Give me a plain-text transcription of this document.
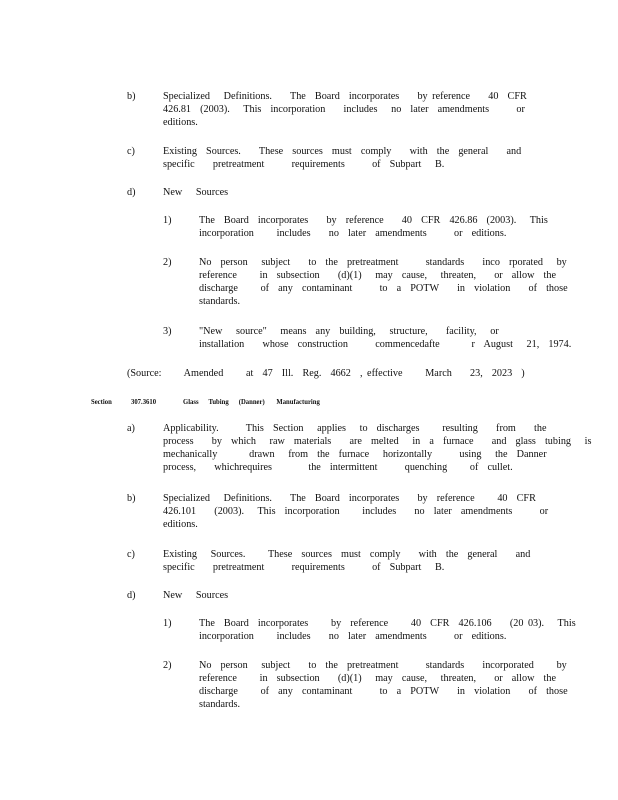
b)	Specialized   Definitions.    The  Board  incorporates    by reference    40  CFR
426.81  (2003).   This  incorporation    includes   no  later  amendments      or
editions.
c)	Existing  Sources.    These  sources  must  comply    with  the  general    and
specific    pretreatment      requirements      of  Subpart   B.
d)	New   Sources
1)	The  Board  incorporates    by  reference    40  CFR  426.86  (2003).   This
incorporation     includes    no  later  amendments      or  editions.
2)	No  person   subject    to  the  pretreatment      standards    inco  rporated   by
reference     in  subsection    (d)(1)   may  cause,   threaten,    or  allow  the
discharge     of  any  contaminant      to  a  POTW    in  violation    of  those
standards.
3)	"New   source"   means  any  building,   structure,    facility,   or
installation    whose  construction      commencedafte       r  August   21,  1974.
(Source:     Amended     at  47  Ill.  Reg.  4662  , effective     March    23,  2023  )
Section	307.3610	Glass      Tubing      (Danner)       Manufacturing
a)	Applicability.      This  Section   applies   to  discharges     resulting    from    the
process    by  which   raw  materials    are  melted   in  a  furnace    and  glass  tubing   is
mechanically       drawn   from  the  furnace   horizontally      using   the  Danner
process,    whichrequires        the  intermittent      quenching     of  cullet.
b)	Specialized   Definitions.    The  Board  incorporates    by  reference     40  CFR
426.101    (2003).   This  incorporation     includes    no  later  amendments      or
editions.
c)	Existing   Sources.     These  sources  must  comply    with  the  general    and
specific    pretreatment      requirements      of  Subpart   B.
d)	New   Sources
1)	The  Board  incorporates     by  reference     40  CFR  426.106    (20 03).   This
incorporation     includes    no  later  amendments      or  editions.
2)	No  person   subject    to  the  pretreatment      standards    incorporated     by
reference     in  subsection    (d)(1)   may  cause,   threaten,    or  allow  the
discharge     of  any  contaminant      to  a  POTW    in  violation    of  those
standards.
